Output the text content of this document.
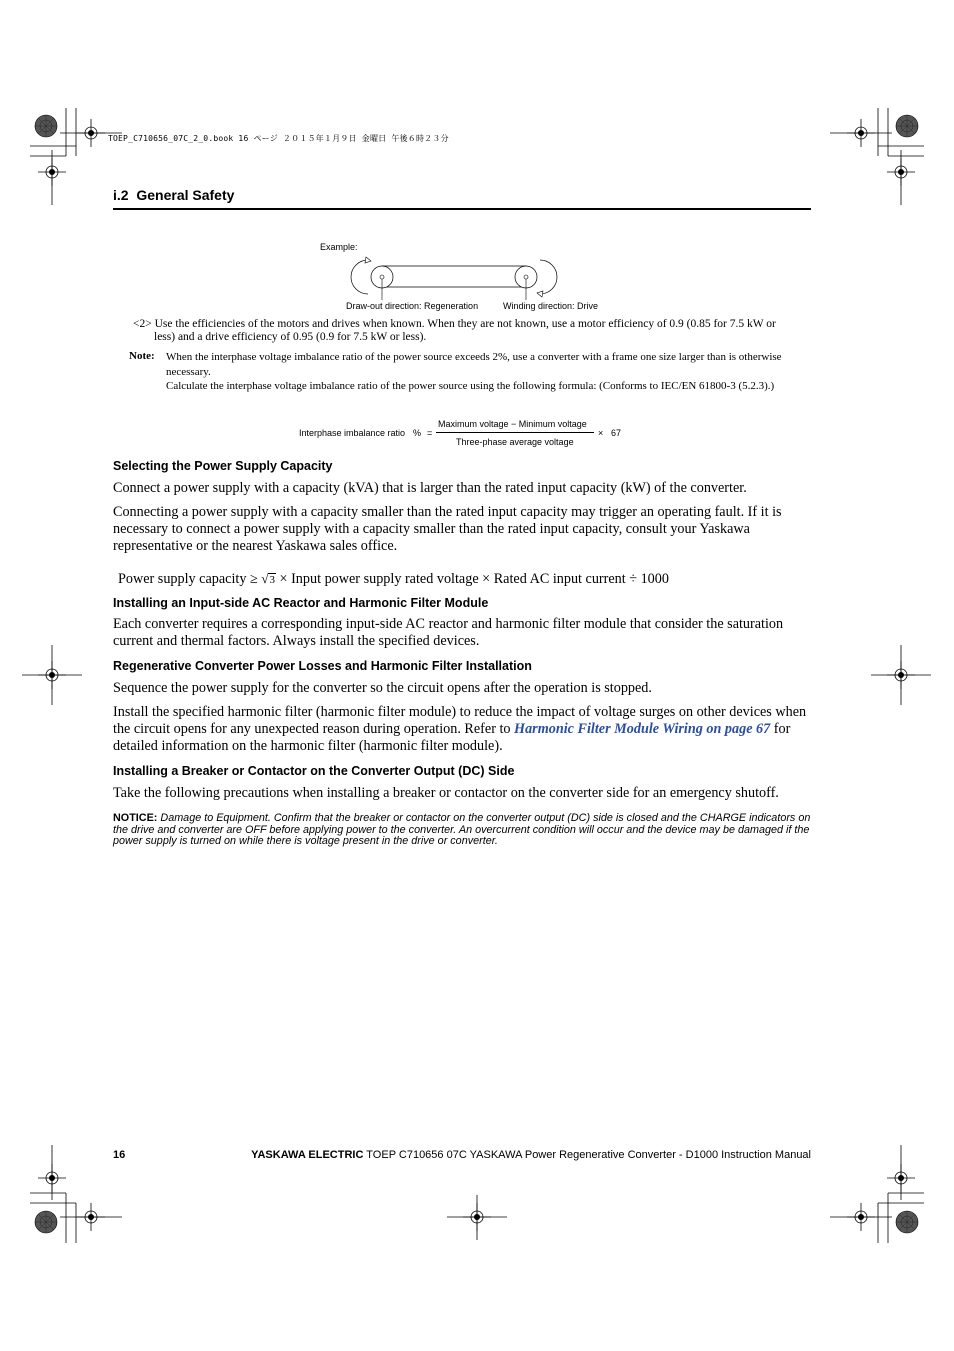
TOEP_C710656_07C_2_0.book 16 ページ ２０１５年１月９日 金曜日 午後６時２３分
i.2 General Safety
Example:
Draw-out direction: Regeneration	Winding direction: Drive
<2> Use the efficiencies of the motors and drives when known. When they are not known, use a motor efficiency of 0.9 (0.85 for 7.5 kW or
less) and a drive efficiency of 0.95 (0.9 for 7.5 kW or less).
Note: When the interphase voltage imbalance ratio of the power source exceeds 2%, use a converter with a frame one size larger than is otherwise necessary.
Calculate the interphase voltage imbalance ratio of the power source using the following formula: (Conforms to IEC/EN 61800-3 (5.2.3).)
Interphase imbalance ratio % =
Maximum voltage − Minimum voltage
Three-phase average voltage
× 67
Selecting the Power Supply Capacity
Connect a power supply with a capacity (kVA) that is larger than the rated input capacity (kW) of the converter.
Connecting a power supply with a capacity smaller than the rated input capacity may trigger an operating fault. If it is necessary to connect a power supply with a capacity smaller than the rated input capacity, consult your Yaskawa representative or the nearest Yaskawa sales office.
Power supply capacity ≥ √3 × Input power supply rated voltage × Rated AC input current ÷ 1000
Installing an Input-side AC Reactor and Harmonic Filter Module
Each converter requires a corresponding input-side AC reactor and harmonic filter module that consider the saturation current and thermal factors. Always install the specified devices.
Regenerative Converter Power Losses and Harmonic Filter Installation
Sequence the power supply for the converter so the circuit opens after the operation is stopped.
Install the specified harmonic filter (harmonic filter module) to reduce the impact of voltage surges on other devices when the circuit opens for any unexpected reason during operation. Refer to Harmonic Filter Module Wiring on page 67 for detailed information on the harmonic filter (harmonic filter module).
Installing a Breaker or Contactor on the Converter Output (DC) Side
Take the following precautions when installing a breaker or contactor on the converter side for an emergency shutoff.
NOTICE: Damage to Equipment. Confirm that the breaker or contactor on the converter output (DC) side is closed and the CHARGE indicators on the drive and converter are OFF before applying power to the converter. An overcurrent condition will occur and the device may be damaged if the power supply is turned on while there is voltage present in the drive or converter.
16	YASKAWA ELECTRIC TOEP C710656 07C YASKAWA Power Regenerative Converter - D1000 Instruction Manual
